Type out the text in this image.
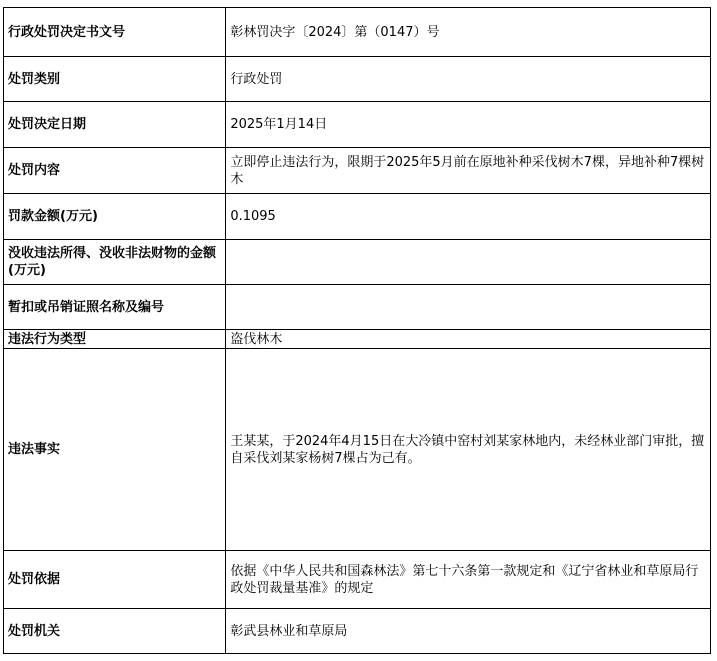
行政处罚决定书文号	彰林罚决字〔2024〕第（0147）号
处罚类别	行政处罚
处罚决定日期	2025年1月14日
处罚内容	立即停止违法行为，限期于2025年5月前在原地补种采伐树木7棵，异地补种7棵树木
罚款金额(万元)	0.1095
没收违法所得、没收非法财物的金额(万元)	
暂扣或吊销证照名称及编号	
违法行为类型	盗伐林木
违法事实	王某某，于2024年4月15日在大冷镇中窑村刘某家林地内，未经林业部门审批，擅自采伐刘某家杨树7棵占为己有。
处罚依据	依据《中华人民共和国森林法》第七十六条第一款规定和《辽宁省林业和草原局行政处罚裁量基准》的规定
处罚机关	彰武县林业和草原局
